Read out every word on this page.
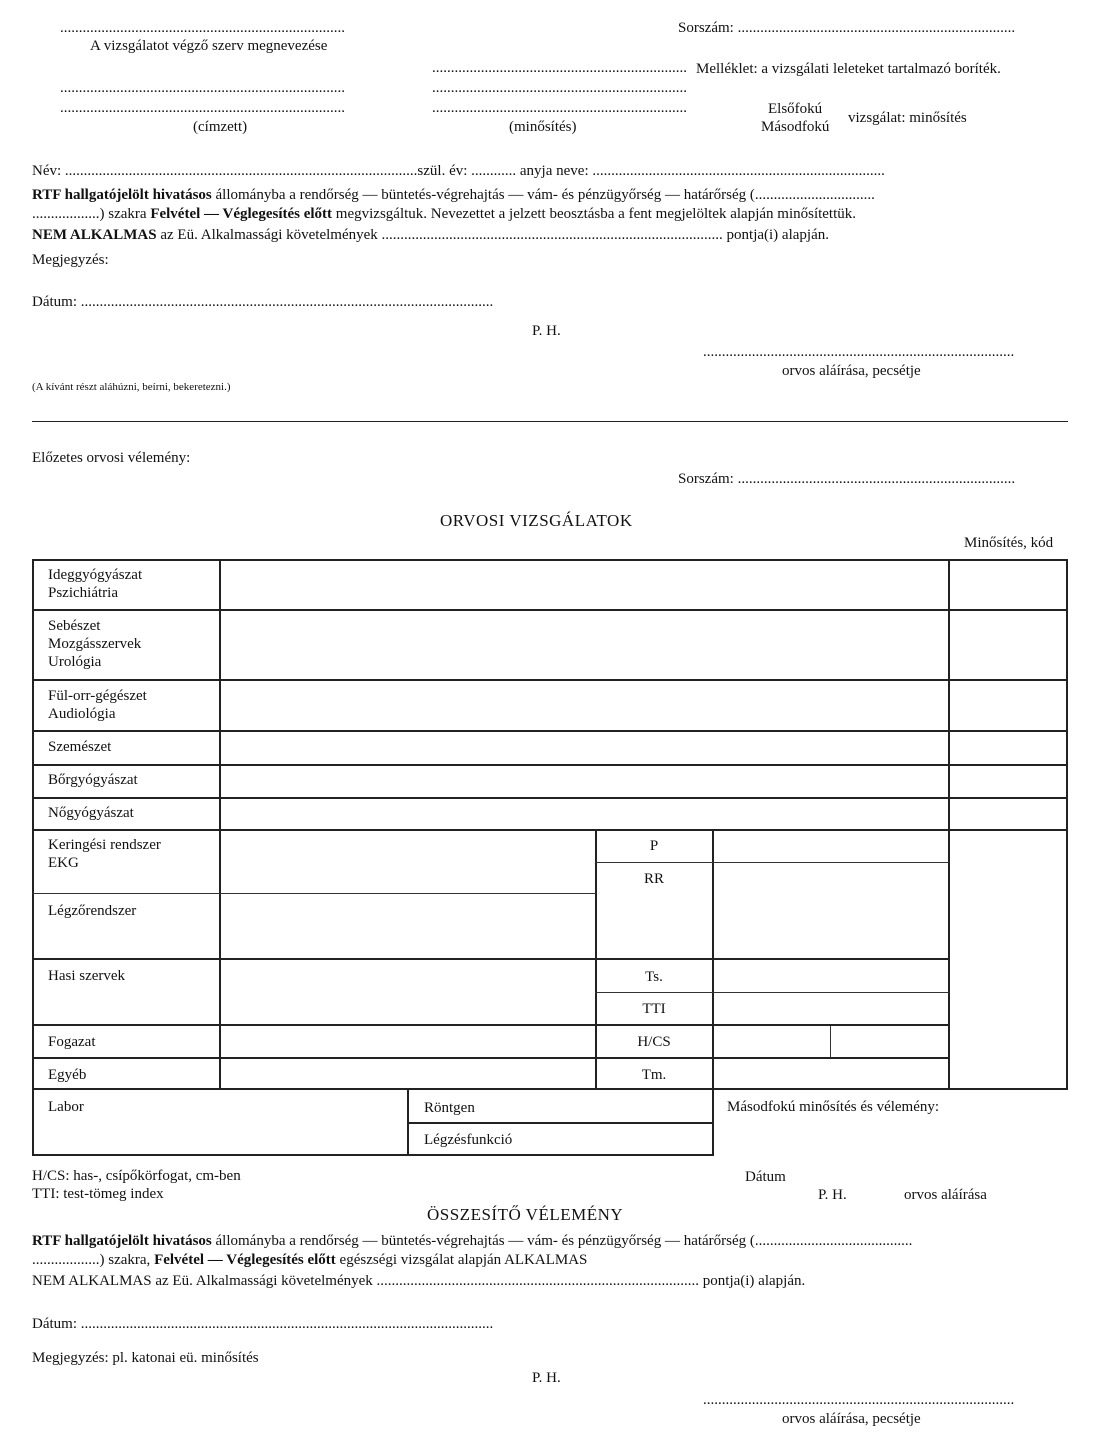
............................................................................
A vizsgálatot végző szerv megnevezése
............................................................................
............................................................................
(címzett)
....................................................................
....................................................................
....................................................................
(minősítés)
Sorszám: ..........................................................................
Melléklet: a vizsgálati leleteket tartalmazó boríték.
Elsőfokú
Másodfokú
vizsgálat: minősítés
Név: ..............................................................................................szül. év: ............ anyja neve: ..............................................................................
RTF hallgatójelölt hivatásos állományba a rendőrség — büntetés-végrehajtás — vám- és pénzügyőrség — határőrség (................................
..................) szakra Felvétel — Véglegesítés előtt megvizsgáltuk. Nevezettet a jelzett beosztásba a fent megjelöltek alapján minősítettük.
NEM ALKALMAS az Eü. Alkalmassági követelmények ........................................................................................... pontja(i) alapján.
Megjegyzés:
Dátum: ..............................................................................................................
P. H.
...................................................................................
orvos aláírása, pecsétje
(A kívánt részt aláhúzni, beírni, bekeretezni.)
Előzetes orvosi vélemény:
Sorszám: ..........................................................................
ORVOSI VIZSGÁLATOK
Minősítés, kód
Ideggyógyászat
Pszichiátria
Sebészet
Mozgásszervek
Urológia
Fül-orr-gégészet
Audiológia
Szemészet
Bőrgyógyászat
Nőgyógyászat
Keringési rendszer
EKG
Légzőrendszer
Hasi szervek
Fogazat
Egyéb
P
RR
Ts.
TTI
H/CS
Tm.
Labor	Röntgen
Légzésfunkció
Másodfokú minősítés és vélemény:
H/CS: has-, csípőkörfogat, cm-ben
TTI: test-tömeg index
Dátum
P. H.	orvos aláírása
ÖSSZESÍTŐ VÉLEMÉNY
RTF hallgatójelölt hivatásos állományba a rendőrség — büntetés-végrehajtás — vám- és pénzügyőrség — határőrség (..........................................
..................) szakra, Felvétel — Véglegesítés előtt egészségi vizsgálat alapján ALKALMAS
NEM ALKALMAS az Eü. Alkalmassági követelmények ...................................................................................... pontja(i) alapján.
Dátum: ..............................................................................................................
Megjegyzés: pl. katonai eü. minősítés
P. H.
...................................................................................
orvos aláírása, pecsétje
